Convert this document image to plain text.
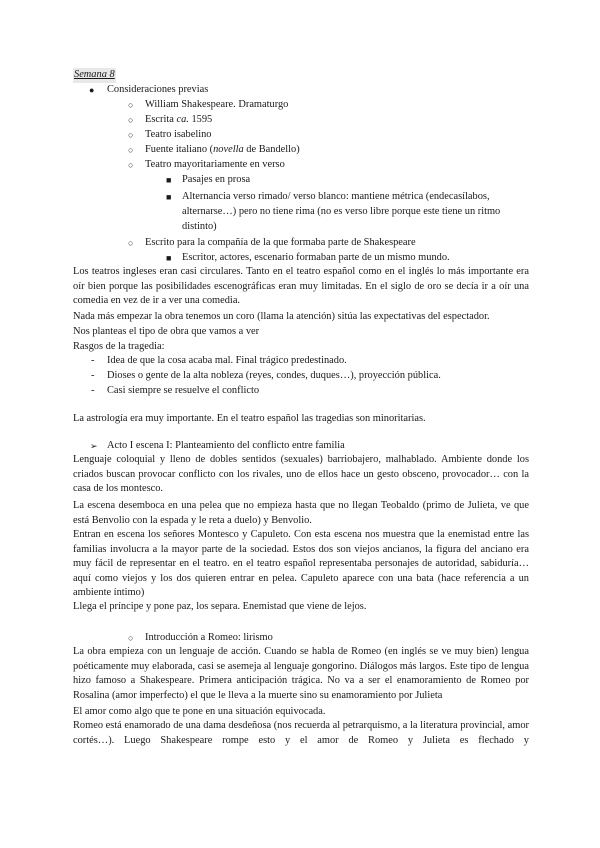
Semana 8
● Consideraciones previas
○ William Shakespeare. Dramaturgo
○ Escrita ca. 1595
○ Teatro isabelino
○ Fuente italiano (novella de Bandello)
○ Teatro mayoritariamente en verso
■ Pasajes en prosa
■ Alternancia verso rimado/ verso blanco: mantiene métrica (endecasílabos,
alternarse…) pero no tiene rima (no es verso libre porque este tiene un ritmo
distinto)
○ Escrito para la compañía de la que formaba parte de Shakespeare
■ Escritor, actores, escenario formaban parte de un mismo mundo.
Los teatros ingleses eran casi circulares. Tanto en el teatro español como en el inglés lo más importante era oír bien porque las posibilidades escenográficas eran muy limitadas. En el siglo de oro se decía ir a oír una comedia en vez de ir a ver una comedia.
Nada más empezar la obra tenemos un coro (llama la atención) sitúa las expectativas del espectador.
Nos planteas el tipo de obra que vamos a ver
Rasgos de la tragedia:
- Idea de que la cosa acaba mal. Final trágico predestinado.
- Dioses o gente de la alta nobleza (reyes, condes, duques…), proyección pública.
- Casi siempre se resuelve el conflicto
La astrología era muy importante. En el teatro español las tragedias son minoritarias.
➢ Acto I escena I: Planteamiento del conflicto entre familia
Lenguaje coloquial y lleno de dobles sentidos (sexuales) barriobajero, malhablado. Ambiente donde los criados buscan provocar conflicto con los rivales, uno de ellos hace un gesto obsceno, provocador… con la casa de los montesco.
La escena desemboca en una pelea que no empieza hasta que no llegan Teobaldo (primo de Julieta, ve que está Benvolio con la espada y le reta a duelo) y Benvolio.
Entran en escena los señores Montesco y Capuleto. Con esta escena nos muestra que la enemistad entre las familias involucra a la mayor parte de la sociedad. Estos dos son viejos ancianos, la figura del anciano era muy fácil de representar en el teatro. en el teatro español representaba personajes de autoridad, sabiduría… aquí como viejos y los dos quieren entrar en pelea. Capuleto aparece con una bata (hace referencia a un ambiente íntimo)
Llega el príncipe y pone paz, los separa. Enemistad que viene de lejos.
○ Introducción a Romeo: lirismo
La obra empieza con un lenguaje de acción. Cuando se habla de Romeo (en inglés se ve muy bien) lengua poéticamente muy elaborada, casi se asemeja al lenguaje gongorino. Diálogos más largos. Este tipo de lengua hizo famoso a Shakespeare. Primera anticipación trágica. No va a ser el enamoramiento de Romeo por Rosalina (amor imperfecto) el que le lleva a la muerte sino su enamoramiento por Julieta
El amor como algo que te pone en una situación equivocada.
Romeo está enamorado de una dama desdeñosa (nos recuerda al petrarquismo, a la literatura provincial, amor cortés…). Luego Shakespeare rompe esto y el amor de Romeo y Julieta es flechado y
